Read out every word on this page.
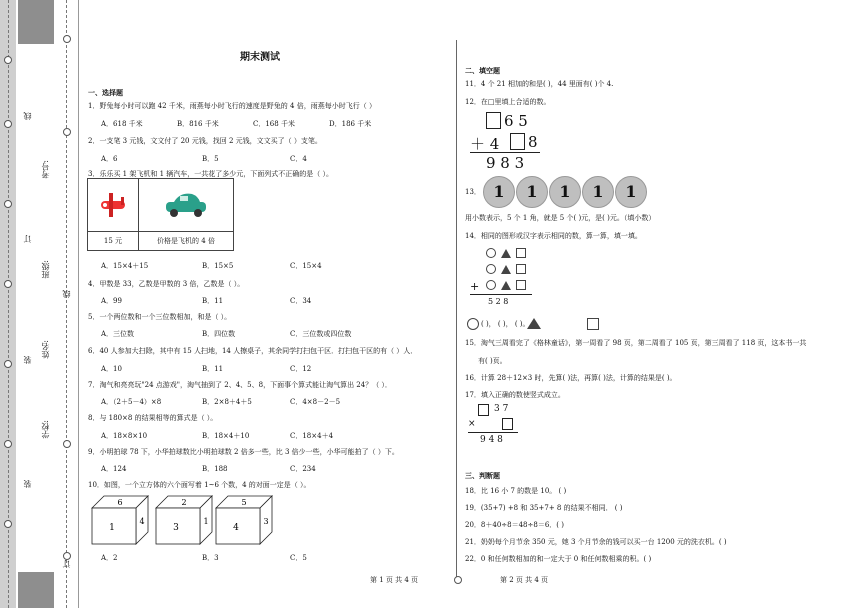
线
订
装
线
订
装
考号:
班级:
姓名:
学校:
期末测试
一、选择题
1．野兔每小时可以跑 42 千米，雨燕每小时飞行的速度是野兔的 4 倍，雨燕每小时飞行（ ）
A．618 千米	B．816 千米	C．168 千米	D．186 千米
2．一支笔 3 元钱，文文付了 20 元钱，找回 2 元钱，文文买了（ ）支笔。
A．6	B．5	C．4
3．乐乐买 1 架飞机和 1 辆汽车，一共花了多少元，下面列式不正确的是（ ）。

15 元	价格是飞机的 4 倍
A．15×4＋15	B．15×5	C．15×4
4．甲数是 33，乙数是甲数的 3 倍，乙数是（ ）。
A．99	B．11	C．34
5．一个两位数和一个三位数相加，和是（ ）。
A．三位数	B．四位数	C．三位数或四位数
6．40 人参加大扫除，其中有 15 人扫地，14 人擦桌子，其余同学打扫包干区．打扫包干区的有（ ）人．
A．10	B．11	C．12
7．淘气和亮亮玩"24 点游戏"，淘气抽到了 2、4、5、8，下面事个算式能让淘气算出 24？（ ）．
A．（2＋5－4）×8	B．2×8＋4＋5	C．4×8－2－5
8．与 180×8 的结果相等的算式是（ ）。
A．18×8×10	B．18×4＋10	C．18×4＋4
9．小明拍球 78 下，小华拍球数比小明拍球数 2 倍多一些，比 3 倍少一些，小华可能拍了（ ）下。
A．124	B．188	C．234
10．如图，一个立方体的六个面写着 1~6 个数，4 的对面一定是（ ）。
6
1
4
2
3
1
5
4
3
A．2	B．3	C．5
二、填空题
11．4 个 21 相加的和是( )，44 里面有( )个 4.
12．在□里填上合适的数。
6 5
＋ 4 8
9 8 3
13． 1	1	1	1	1
用小数表示，5 个 1 角，就是 5 个( )元，是( )元。（填小数）
14．相同的图形或汉字表示相同的数，算一算，填一填。

+

5 2 8
( )， ( )， ( )。
15．淘气三周看完了《格林童话》，第一周看了 98 页，第二周看了 105 页，第三周看了 118 页，这本书一共
有( )页。
16．计算 28＋12×3 时，先算( )法，再算( )法，计算的结果是( )。
17．填入正确的数使竖式成立。
3 7
×
9 4 8
三、判断题
18．比 16 小 7 的数是 10。 ( )
19．(35+7) +8 和 35+7+ 8 的结果不相同． ( )
20．8＋40÷8＝48÷8＝6．( )
21．奶奶每个月节余 350 元，她 3 个月节余的钱可以买一台 1200 元的洗衣机。( )
22．0 和任何数相加的和一定大于 0 和任何数相乘的积。( )
第 1 页 共 4 页	第 2 页 共 4 页
